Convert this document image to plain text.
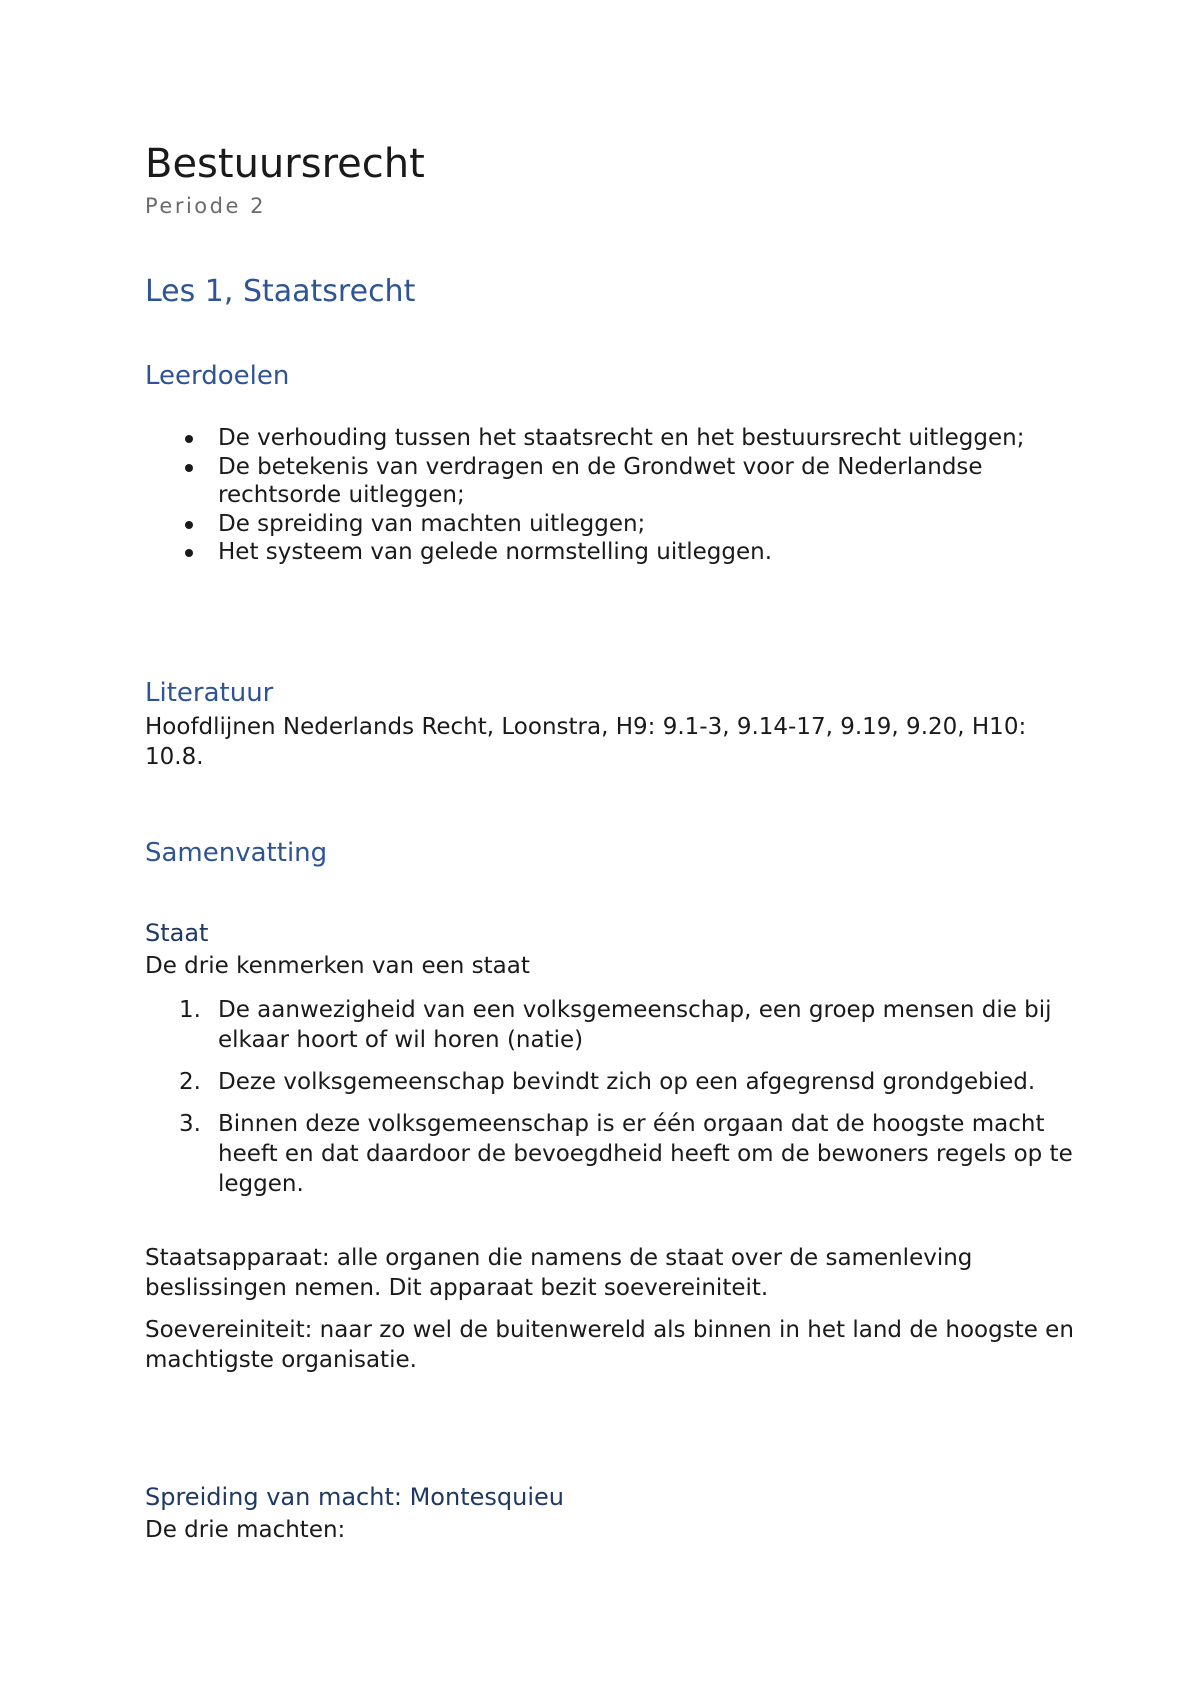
Bestuursrecht
Periode 2
Les 1, Staatsrecht
Leerdoelen
De verhouding tussen het staatsrecht en het bestuursrecht uitleggen;
De betekenis van verdragen en de Grondwet voor de Nederlandse rechtsorde uitleggen;
De spreiding van machten uitleggen;
Het systeem van gelede normstelling uitleggen.
Literatuur

Hoofdlijnen Nederlands Recht, Loonstra, H9: 9.1-3, 9.14-17, 9.19, 9.20, H10: 10.8.

Samenvatting
Staat

De drie kenmerken van een staat

1. De aanwezigheid van een volksgemeenschap, een groep mensen die bij elkaar hoort of wil horen (natie)
2. Deze volksgemeenschap bevindt zich op een afgegrensd grondgebied.
3. Binnen deze volksgemeenschap is er één orgaan dat de hoogste macht heeft en dat daardoor de bevoegdheid heeft om de bewoners regels op te leggen.

Staatsapparaat: alle organen die namens de staat over de samenleving beslissingen nemen. Dit apparaat bezit soevereiniteit.

Soevereiniteit: naar zo wel de buitenwereld als binnen in het land de hoogste en machtigste organisatie.

Spreiding van macht: Montesquieu

De drie machten:
